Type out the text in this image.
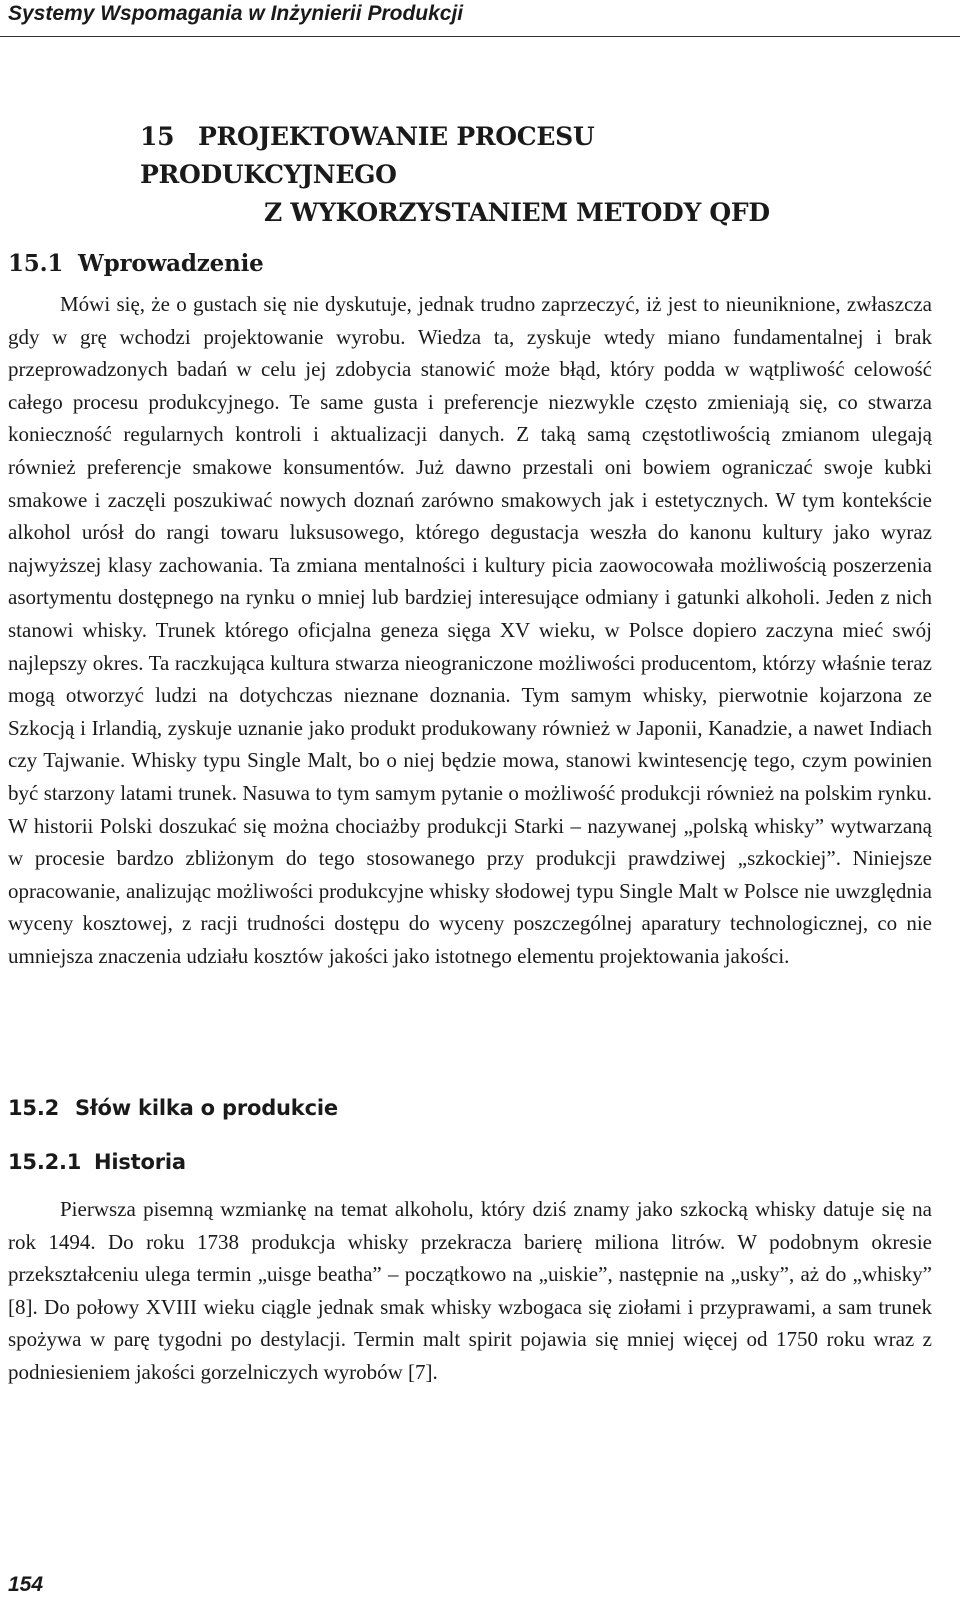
Systemy Wspomagania w Inżynierii Produkcji
15 PROJEKTOWANIE PROCESU PRODUKCYJNEGO
Z WYKORZYSTANIEM METODY QFD
15.1 Wprowadzenie

Mówi się, że o gustach się nie dyskutuje, jednak trudno zaprzeczyć, iż jest to nieuniknione, zwłaszcza gdy w grę wchodzi projektowanie wyrobu. Wiedza ta, zyskuje wtedy miano fundamentalnej i brak przeprowadzonych badań w celu jej zdobycia stanowić może błąd, który podda w wątpliwość celowość całego procesu produkcyjnego. Te same gusta i preferencje niezwykle często zmieniają się, co stwarza konieczność regularnych kontroli i aktualizacji danych. Z taką samą częstotliwością zmianom ulegają również preferencje smakowe konsumentów. Już dawno przestali oni bowiem ograniczać swoje kubki smakowe i zaczęli poszukiwać nowych doznań zarówno smakowych jak i estetycznych. W tym kontekście alkohol urósł do rangi towaru luksusowego, którego degustacja weszła do kanonu kultury jako wyraz najwyższej klasy zachowania. Ta zmiana mentalności i kultury picia zaowocowała możliwością poszerzenia asortymentu dostępnego na rynku o mniej lub bardziej interesujące odmiany i gatunki alkoholi. Jeden z nich stanowi whisky. Trunek którego oficjalna geneza sięga XV wieku, w Polsce dopiero zaczyna mieć swój najlepszy okres. Ta raczkująca kultura stwarza nieograniczone możliwości producentom, którzy właśnie teraz mogą otworzyć ludzi na dotychczas nieznane doznania. Tym samym whisky, pierwotnie kojarzona ze Szkocją i Irlandią, zyskuje uznanie jako produkt produkowany również w Japonii, Kanadzie, a nawet Indiach czy Tajwanie. Whisky typu Single Malt, bo o niej będzie mowa, stanowi kwintesencję tego, czym powinien być starzony latami trunek. Nasuwa to tym samym pytanie o możliwość produkcji również na polskim rynku. W historii Polski doszukać się można chociażby produkcji Starki – nazywanej „polską whisky” wytwarzaną w procesie bardzo zbliżonym do tego stosowanego przy produkcji prawdziwej „szkockiej”. Niniejsze opracowanie, analizując możliwości produkcyjne whisky słodowej typu Single Malt w Polsce nie uwzględnia wyceny kosztowej, z racji trudności dostępu do wyceny poszczególnej aparatury technologicznej, co nie umniejsza znaczenia udziału kosztów jakości jako istotnego elementu projektowania jakości.

15.2 Słów kilka o produkcie
15.2.1 Historia

Pierwsza pisemną wzmiankę na temat alkoholu, który dziś znamy jako szkocką whisky datuje się na rok 1494. Do roku 1738 produkcja whisky przekracza barierę miliona litrów. W podobnym okresie przekształceniu ulega termin „uisge beatha” – początkowo na „uiskie”, następnie na „usky”, aż do „whisky” [8]. Do połowy XVIII wieku ciągle jednak smak whisky wzbogaca się ziołami i przyprawami, a sam trunek spożywa w parę tygodni po destylacji. Termin malt spirit pojawia się mniej więcej od 1750 roku wraz z podniesieniem jakości gorzelniczych wyrobów [7].

154
